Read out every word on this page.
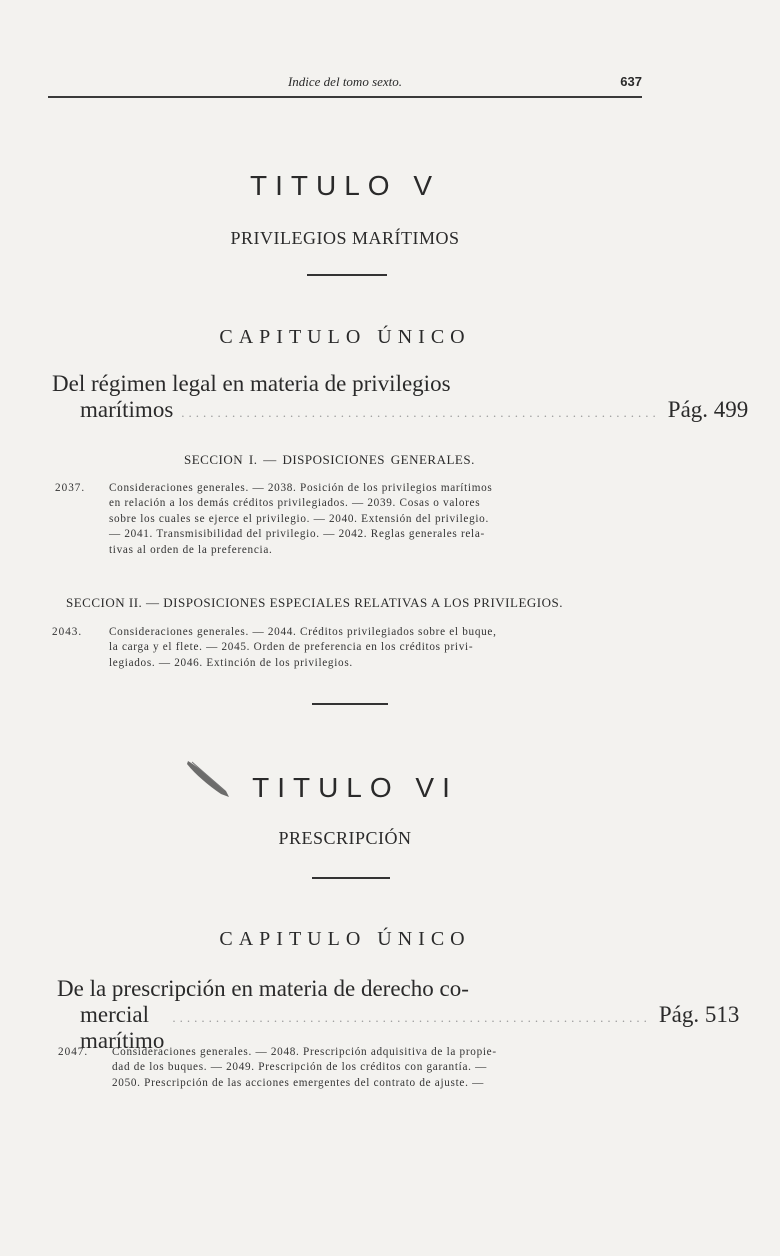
Indice del tomo sexto.	637
TITULO V
PRIVILEGIOS MARÍTIMOS
CAPITULO ÚNICO
Del régimen legal en materia de privilegios
marítimos .................................................................. Pág. 499
SECCION I. — DISPOSICIONES GENERALES.
2037. Consideraciones generales. — 2038. Posición de los privilegios marítimos
en relación a los demás créditos privilegiados. — 2039. Cosas o valores
sobre los cuales se ejerce el privilegio. — 2040. Extensión del privilegio.
— 2041. Transmisibilidad del privilegio. — 2042. Reglas generales rela-
tivas al orden de la preferencia.
SECCION II. — DISPOSICIONES ESPECIALES RELATIVAS A LOS PRIVILEGIOS.
2043. Consideraciones generales. — 2044. Créditos privilegiados sobre el buque,
la carga y el flete. — 2045. Orden de preferencia en los créditos privi-
legiados. — 2046. Extinción de los privilegios.
TITULO VI
PRESCRIPCIÓN
CAPITULO ÚNICO
De la prescripción en materia de derecho co-
mercial marítimo
.................................................................. Pág. 513
2047. Consideraciones generales. — 2048. Prescripción adquisitiva de la propie-
dad de los buques. — 2049. Prescripción de los créditos con garantía. —
2050. Prescripción de las acciones emergentes del contrato de ajuste. —
